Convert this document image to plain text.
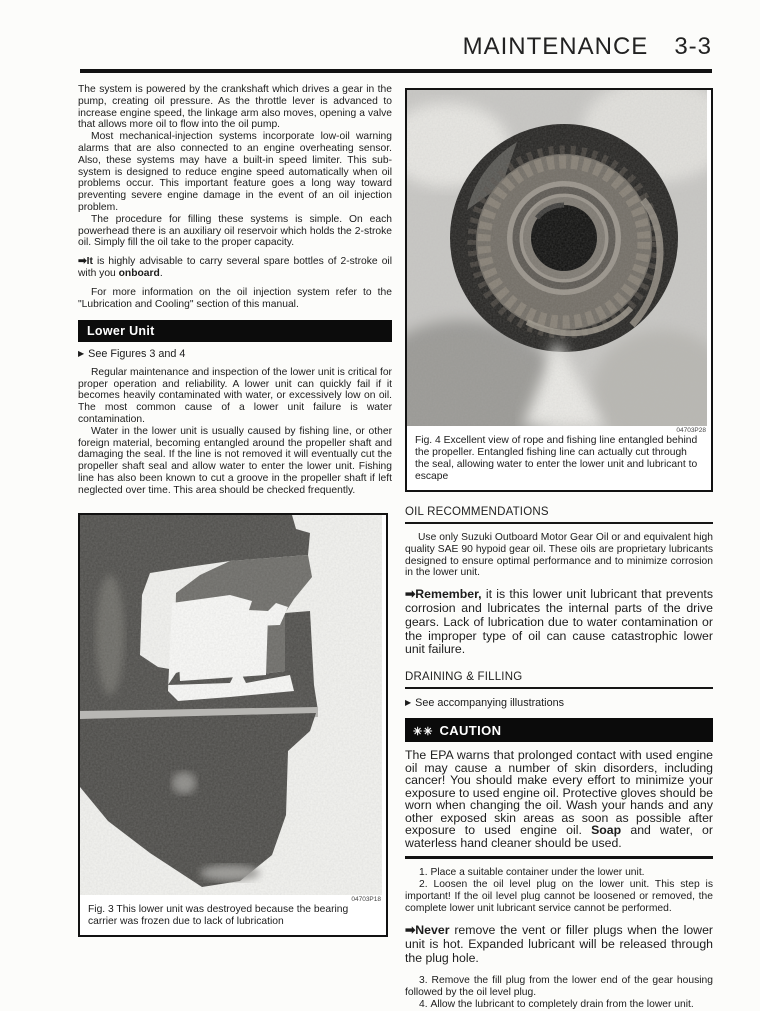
MAINTENANCE 3-3

The system is powered by the crankshaft which drives a gear in the pump, creating oil pressure. As the throttle lever is advanced to increase engine speed, the linkage arm also moves, opening a valve that allows more oil to flow into the oil pump.

Most mechanical-injection systems incorporate low-oil warning alarms that are also connected to an engine overheating sensor. Also, these systems may have a built-in speed limiter. This sub-system is designed to reduce engine speed automatically when oil problems occur. This important feature goes a long way toward preventing severe engine damage in the event of an oil injection problem.

The procedure for filling these systems is simple. On each powerhead there is an auxiliary oil reservoir which holds the 2-stroke oil. Simply fill the oil take to the proper capacity.

➡It is highly advisable to carry several spare bottles of 2-stroke oil with you onboard.

For more information on the oil injection system refer to the "Lubrication and Cooling" section of this manual.

Lower Unit
▶ See Figures 3 and 4

Regular maintenance and inspection of the lower unit is critical for proper operation and reliability. A lower unit can quickly fail if it becomes heavily contaminated with water, or excessively low on oil. The most common cause of a lower unit failure is water contamination.

Water in the lower unit is usually caused by fishing line, or other foreign material, becoming entangled around the propeller shaft and damaging the seal. If the line is not removed it will eventually cut the propeller shaft seal and allow water to enter the lower unit. Fishing line has also been known to cut a groove in the propeller shaft if left neglected over time. This area should be checked frequently.

04703P18
Fig. 3 This lower unit was destroyed because the bearing carrier was frozen due to lack of lubrication
04703P28
Fig. 4 Excellent view of rope and fishing line entangled behind the propeller. Entangled fishing line can actually cut through the seal, allowing water to enter the lower unit and lubricant to escape
OIL RECOMMENDATIONS

Use only Suzuki Outboard Motor Gear Oil or and equivalent high quality SAE 90 hypoid gear oil. These oils are proprietary lubricants designed to ensure optimal performance and to minimize corrosion in the lower unit.

➡Remember, it is this lower unit lubricant that prevents corrosion and lubricates the internal parts of the drive gears. Lack of lubrication due to water contamination or the improper type of oil can cause catastrophic lower unit failure.

DRAINING & FILLING
▶ See accompanying illustrations
✳✳ CAUTION

The EPA warns that prolonged contact with used engine oil may cause a number of skin disorders, including cancer! You should make every effort to minimize your exposure to used engine oil. Protective gloves should be worn when changing the oil. Wash your hands and any other exposed skin areas as soon as possible after exposure to used engine oil. Soap and water, or waterless hand cleaner should be used.

1. Place a suitable container under the lower unit.

2. Loosen the oil level plug on the lower unit. This step is important! If the oil level plug cannot be loosened or removed, the complete lower unit lubricant service cannot be performed.

➡Never remove the vent or filler plugs when the lower unit is hot. Expanded lubricant will be released through the plug hole.

3. Remove the fill plug from the lower end of the gear housing followed by the oil level plug.

4. Allow the lubricant to completely drain from the lower unit.
